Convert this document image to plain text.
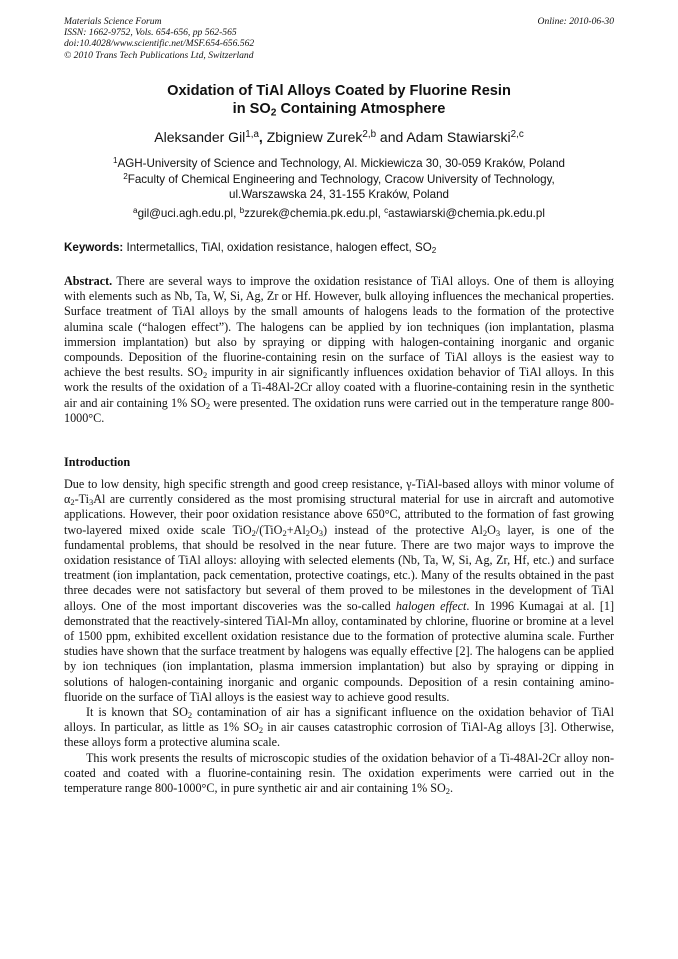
Materials Science Forum
ISSN: 1662-9752, Vols. 654-656, pp 562-565
doi:10.4028/www.scientific.net/MSF.654-656.562
© 2010 Trans Tech Publications Ltd, Switzerland
Online: 2010-06-30
Oxidation of TiAl Alloys Coated by Fluorine Resin
in $SO_2$ Containing Atmosphere
Aleksander Gil$^{1,a}$, Zbigniew Zurek$^{2,b}$ and Adam Stawiarski$^{2,c}$
$^1$AGH-University of Science and Technology, Al. Mickiewicza 30, 30-059 Kraków, Poland
$^2$Faculty of Chemical Engineering and Technology, Cracow University of Technology,
ul.Warszawska 24, 31-155 Kraków, Poland
$^a$gil@uci.agh.edu.pl, $^b$zzurek@chemia.pk.edu.pl, $^c$astawiarski@chemia.pk.edu.pl
Keywords: Intermetallics, TiAl, oxidation resistance, halogen effect, $SO_2$

Abstract. There are several ways to improve the oxidation resistance of TiAl alloys. One of them is alloying with elements such as Nb, Ta, W, Si, Ag, Zr or Hf. However, bulk alloying influences the mechanical properties. Surface treatment of TiAl alloys by the small amounts of halogens leads to the formation of the protective alumina scale (“halogen effect”). The halogens can be applied by ion techniques (ion implantation, plasma immersion implantation) but also by spraying or dipping with halogen-containing inorganic and organic compounds. Deposition of the fluorine-containing resin on the surface of TiAl alloys is the easiest way to achieve the best results. $SO_2$ impurity in air significantly influences oxidation behavior of TiAl alloys. In this work the results of the oxidation of a Ti-48Al-2Cr alloy coated with a fluorine-containing resin in the synthetic air and air containing 1% $SO_2$ were presented. The oxidation runs were carried out in the temperature range 800-1000°C.

Introduction

Due to low density, high specific strength and good creep resistance, γ-TiAl-based alloys with minor volume of $\alpha_2-Ti_3Al$ are currently considered as the most promising structural material for use in aircraft and automotive applications. However, their poor oxidation resistance above 650°C, attributed to the formation of fast growing two-layered mixed oxide scale $TiO_2/(TiO_2+Al_2O_3)$ instead of the protective $Al_2O_3$ layer, is one of the fundamental problems, that should be resolved in the near future. There are two major ways to improve the oxidation resistance of TiAl alloys: alloying with selected elements (Nb, Ta, W, Si, Ag, Zr, Hf, etc.) and surface treatment (ion implantation, pack cementation, protective coatings, etc.). Many of the results obtained in the past three decades were not satisfactory but several of them proved to be milestones in the development of TiAl alloys. One of the most important discoveries was the so-called halogen effect. In 1996 Kumagai at al. [1] demonstrated that the reactively-sintered TiAl-Mn alloy, contaminated by chlorine, fluorine or bromine at a level of 1500 ppm, exhibited excellent oxidation resistance due to the formation of protective alumina scale. Further studies have shown that the surface treatment by halogens was equally effective [2]. The halogens can be applied by ion techniques (ion implantation, plasma immersion implantation) but also by spraying or dipping in solutions of halogen-containing inorganic and organic compounds. Deposition of a resin containing amino-fluoride on the surface of TiAl alloys is the easiest way to achieve good results.

It is known that $SO_2$ contamination of air has a significant influence on the oxidation behavior of TiAl alloys. In particular, as little as 1% $SO_2$ in air causes catastrophic corrosion of TiAl-Ag alloys [3]. Otherwise, these alloys form a protective alumina scale.

This work presents the results of microscopic studies of the oxidation behavior of a Ti-48Al-2Cr alloy non-coated and coated with a fluorine-containing resin. The oxidation experiments were carried out in the temperature range 800-1000°C, in pure synthetic air and air containing 1% $SO_2$.
